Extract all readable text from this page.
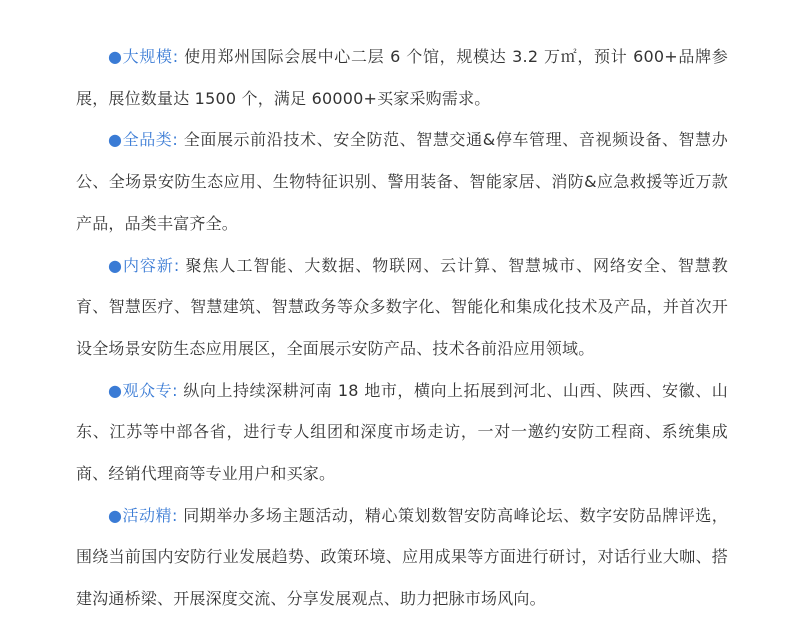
●大规模: 使用郑州国际会展中心二层 6 个馆，规模达 3.2 万㎡，预计 600+品牌参展，展位数量达 1500 个，满足 60000+买家采购需求。

●全品类: 全面展示前沿技术、安全防范、智慧交通&停车管理、音视频设备、智慧办公、全场景安防生态应用、生物特征识别、警用装备、智能家居、消防&应急救援等近万款产品，品类丰富齐全。

●内容新: 聚焦人工智能、大数据、物联网、云计算、智慧城市、网络安全、智慧教育、智慧医疗、智慧建筑、智慧政务等众多数字化、智能化和集成化技术及产品，并首次开设全场景安防生态应用展区，全面展示安防产品、技术各前沿应用领域。

●观众专: 纵向上持续深耕河南 18 地市，横向上拓展到河北、山西、陕西、安徽、山东、江苏等中部各省，进行专人组团和深度市场走访，一对一邀约安防工程商、系统集成商、经销代理商等专业用户和买家。

●活动精: 同期举办多场主题活动，精心策划数智安防高峰论坛、数字安防品牌评选，围绕当前国内安防行业发展趋势、政策环境、应用成果等方面进行研讨，对话行业大咖、搭建沟通桥梁、开展深度交流、分享发展观点、助力把脉市场风向。
